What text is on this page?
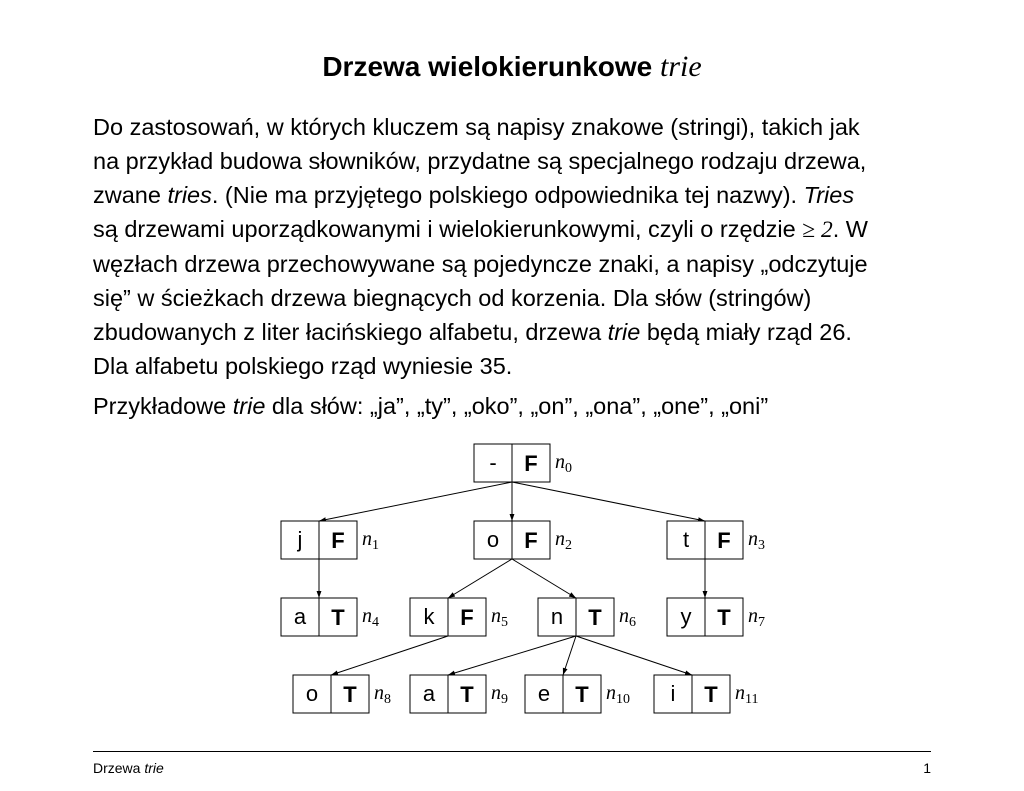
Drzewa wielokierunkowe trie

Do zastosowań, w których kluczem są napisy znakowe (stringi), takich jak

na przykład budowa słowników, przydatne są specjalnego rodzaju drzewa,

zwane tries. (Nie ma przyjętego polskiego odpowiednika tej nazwy). Tries

są drzewami uporządkowanymi i wielokierunkowymi, czyli o rzędzie ≥ 2. W

węzłach drzewa przechowywane są pojedyncze znaki, a napisy „odczytuje

się” w ścieżkach drzewa biegnących od korzenia. Dla słów (stringów)

zbudowanych z liter łacińskiego alfabetu, drzewa trie będą miały rząd 26.

Dla alfabetu polskiego rząd wyniesie 35.

Przykładowe trie dla słów: „ja”, „ty”, „oko”, „on”, „ona”, „one”, „oni”

- F $n_0$
j F $n_1$	o F $n_2$	t F $n_3$
a T $n_4$ k F $n_5$ n T $n_6$ y T $n_7$
o T $n_8$ a T $n_9$ e T $n_{10}$ i T $n_{11}$
Drzewa trie	1
